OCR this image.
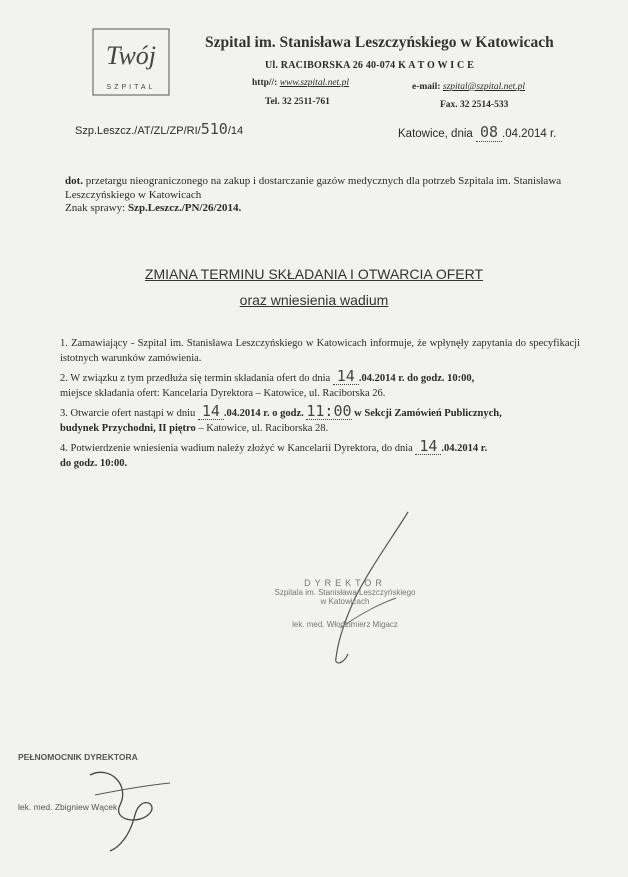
Twój
SZPITAL
Szpital im. Stanisława Leszczyńskiego w Katowicach
Ul. RACIBORSKA 26 40-074 K A T O W I C E
http//: www.szpital.net.pl	e-mail: szpital@szpital.net.pl
Tel. 32 2511-761	Fax. 32 2514-533
Szp.Leszcz./AT/ZL/ZP/RI/510/14	Katowice, dnia 08 .04.2014 r.
dot. przetargu nieograniczonego na zakup i dostarczanie gazów medycznych dla potrzeb Szpitala im. Stanisława Leszczyńskiego w Katowicach
Znak sprawy: Szp.Leszcz./PN/26/2014.
ZMIANA TERMINU SKŁADANIA I OTWARCIA OFERT
oraz wniesienia wadium

1. Zamawiający - Szpital im. Stanisława Leszczyńskiego w Katowicach informuje, że wpłynęły zapytania do specyfikacji istotnych warunków zamówienia.

2. W związku z tym przedłuża się termin składania ofert do dnia 14 .04.2014 r. do godz. 10:00,
miejsce składania ofert: Kancelaria Dyrektora – Katowice, ul. Raciborska 26.

3. Otwarcie ofert nastąpi w dniu 14 .04.2014 r. o godz. 11:00 w Sekcji Zamówień Publicznych,
budynek Przychodni, II piętro – Katowice, ul. Raciborska 28.

4. Potwierdzenie wniesienia wadium należy złożyć w Kancelarii Dyrektora, do dnia 14 .04.2014 r.
do godz. 10:00.

DYREKTOR
Szpitala im. Stanisława Leszczyńskiego
w Katowicach
lek. med. Włodzimierz Migacz
PEŁNOMOCNIK DYREKTORA
lek. med. Zbigniew Wącek
